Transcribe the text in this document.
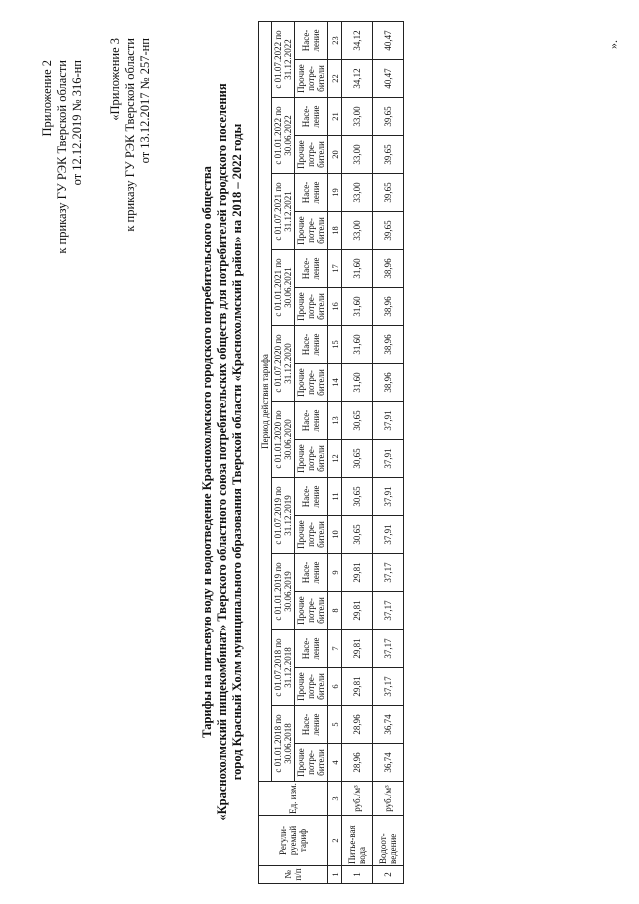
Приложение 2 к приказу ГУ РЭК Тверской области от 12.12.2019 № 316-нп «Приложение 3 к приказу ГУ РЭК Тверской области от 13.12.2017 № 257-нп
Тарифы на питьевую воду и водоотведение Краснохолмского городского потребительского общества «Краснохолмский пищекомбинат» Тверского областного союза потребительских обществ для потребителей городского поселения город Красный Холм муниципального образования Тверской области «Краснохолмский район» на 2018 – 2022 годы
№ п/п	Регули-руемый тариф	Ед. изм.	Период действия тарифа																			
			с 01.01.2018 по 30.06.2018		с 01.07.2018 по 31.12.2018		с 01.01.2019 по 30.06.2019		с 01.07.2019 по 31.12.2019		с 01.01.2020 по 30.06.2020		с 01.07.2020 по 31.12.2020		с 01.01.2021 по 30.06.2021		с 01.07.2021 по 31.12.2021		с 01.01.2022 по 30.06.2022		с 01.07.2022 по 31.12.2022	
			Прочие потре-бители	Насе-ление	Прочие потре-бители	Насе-ление	Прочие потре-бители	Насе-ление	Прочие потре-бители	Насе-ление	Прочие потре-бители	Насе-ление	Прочие потре-бители	Насе-ление	Прочие потре-бители	Насе-ление	Прочие потре-бители	Насе-ление	Прочие потре-бители	Насе-ление	Прочие потре-бители	Насе-ление
1	2	3	4	5	6	7	8	9	10	11	12	13	14	15	16	17	18	19	20	21	22	23
1	Питье-вая вода	руб./м³	28,96	28,96	29,81	29,81	29,81	29,81	30,65	30,65	30,65	30,65	31,60	31,60	31,60	31,60	33,00	33,00	33,00	33,00	34,12	34,12
2	Водоот-ведение	руб./м³	36,74	36,74	37,17	37,17	37,17	37,17	37,91	37,91	37,91	37,91	38,96	38,96	38,96	38,96	39,65	39,65	39,65	39,65	40,47	40,47	».
